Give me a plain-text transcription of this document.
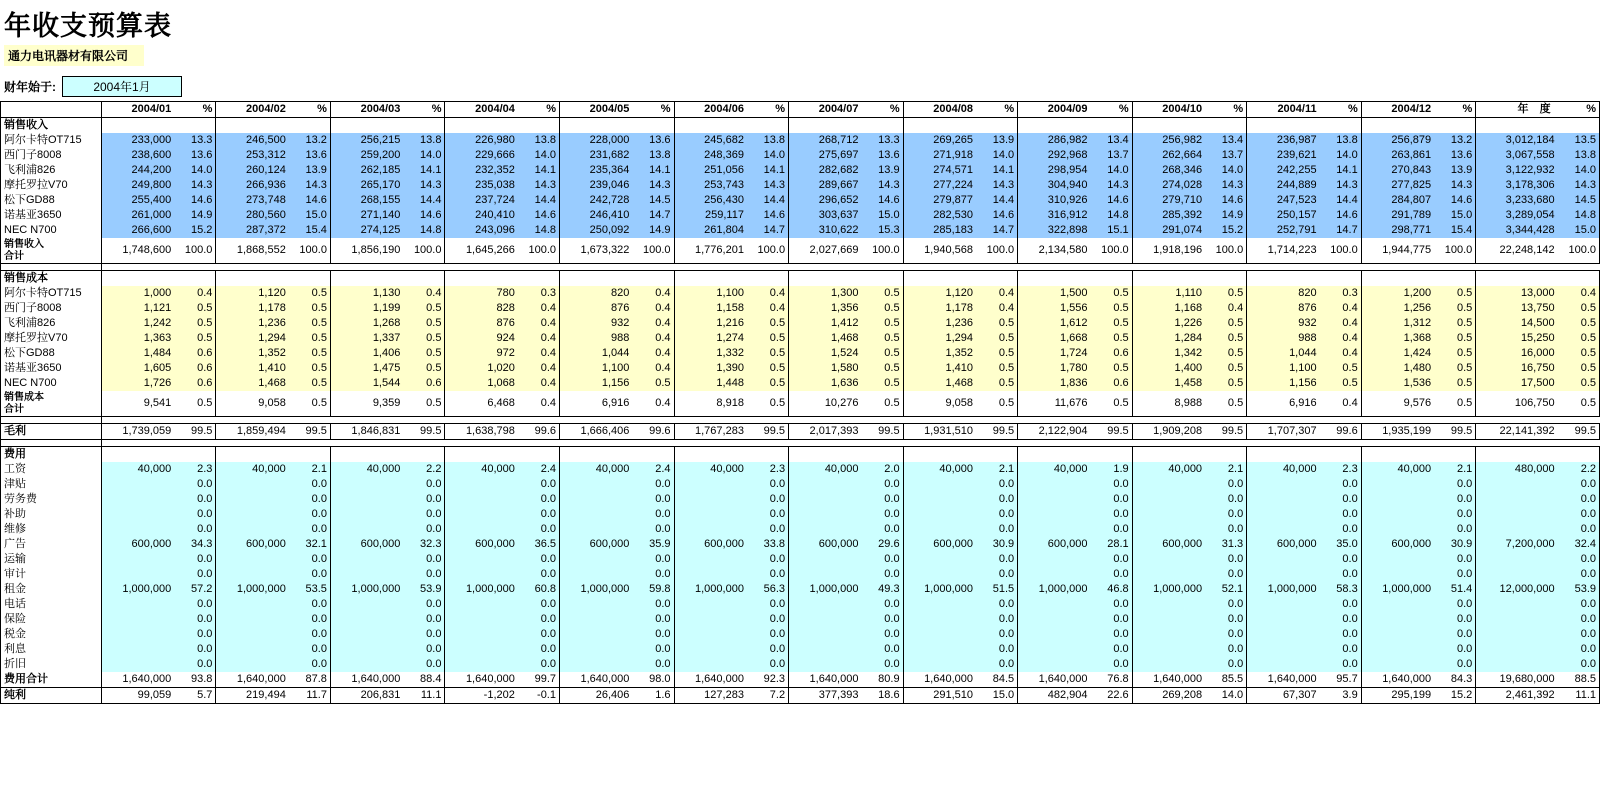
年收支预算表
通力电讯器材有限公司
财年始于:	2004年1月
	2004/01	%	2004/02	%	2004/03	%	2004/04	%	2004/05	%	2004/06	%	2004/07	%	2004/08	%	2004/09	%	2004/10	%	2004/11	%	2004/12	%	年 度	%
销售收入																										
阿尔卡特OT715	233,000	13.3	246,500	13.2	256,215	13.8	226,980	13.8	228,000	13.6	245,682	13.8	268,712	13.3	269,265	13.9	286,982	13.4	256,982	13.4	236,987	13.8	256,879	13.2	3,012,184	13.5
西门子8008	238,600	13.6	253,312	13.6	259,200	14.0	229,666	14.0	231,682	13.8	248,369	14.0	275,697	13.6	271,918	14.0	292,968	13.7	262,664	13.7	239,621	14.0	263,861	13.6	3,067,558	13.8
飞利浦826	244,200	14.0	260,124	13.9	262,185	14.1	232,352	14.1	235,364	14.1	251,056	14.1	282,682	13.9	274,571	14.1	298,954	14.0	268,346	14.0	242,255	14.1	270,843	13.9	3,122,932	14.0
摩托罗拉V70	249,800	14.3	266,936	14.3	265,170	14.3	235,038	14.3	239,046	14.3	253,743	14.3	289,667	14.3	277,224	14.3	304,940	14.3	274,028	14.3	244,889	14.3	277,825	14.3	3,178,306	14.3
松下GD88	255,400	14.6	273,748	14.6	268,155	14.4	237,724	14.4	242,728	14.5	256,430	14.4	296,652	14.6	279,877	14.4	310,926	14.6	279,710	14.6	247,523	14.4	284,807	14.6	3,233,680	14.5
诺基亚3650	261,000	14.9	280,560	15.0	271,140	14.6	240,410	14.6	246,410	14.7	259,117	14.6	303,637	15.0	282,530	14.6	316,912	14.8	285,392	14.9	250,157	14.6	291,789	15.0	3,289,054	14.8
NEC N700	266,600	15.2	287,372	15.4	274,125	14.8	243,096	14.8	250,092	14.9	261,804	14.7	310,622	15.3	285,183	14.7	322,898	15.1	291,074	15.2	252,791	14.7	298,771	15.4	3,344,428	15.0

销售收入
合计	1,748,600	100.0	1,868,552	100.0	1,856,190	100.0	1,645,266	100.0	1,673,322	100.0	1,776,201	100.0	2,027,669	100.0	1,940,568	100.0	2,134,580	100.0	1,918,196	100.0	1,714,223	100.0	1,944,775	100.0	22,248,142	100.0

销售成本																										
阿尔卡特OT715	1,000	0.4	1,120	0.5	1,130	0.4	780	0.3	820	0.4	1,100	0.4	1,300	0.5	1,120	0.4	1,500	0.5	1,110	0.5	820	0.3	1,200	0.5	13,000	0.4
西门子8008	1,121	0.5	1,178	0.5	1,199	0.5	828	0.4	876	0.4	1,158	0.4	1,356	0.5	1,178	0.4	1,556	0.5	1,168	0.4	876	0.4	1,256	0.5	13,750	0.5
飞利浦826	1,242	0.5	1,236	0.5	1,268	0.5	876	0.4	932	0.4	1,216	0.5	1,412	0.5	1,236	0.5	1,612	0.5	1,226	0.5	932	0.4	1,312	0.5	14,500	0.5
摩托罗拉V70	1,363	0.5	1,294	0.5	1,337	0.5	924	0.4	988	0.4	1,274	0.5	1,468	0.5	1,294	0.5	1,668	0.5	1,284	0.5	988	0.4	1,368	0.5	15,250	0.5
松下GD88	1,484	0.6	1,352	0.5	1,406	0.5	972	0.4	1,044	0.4	1,332	0.5	1,524	0.5	1,352	0.5	1,724	0.6	1,342	0.5	1,044	0.4	1,424	0.5	16,000	0.5
诺基亚3650	1,605	0.6	1,410	0.5	1,475	0.5	1,020	0.4	1,100	0.4	1,390	0.5	1,580	0.5	1,410	0.5	1,780	0.5	1,400	0.5	1,100	0.5	1,480	0.5	16,750	0.5
NEC N700	1,726	0.6	1,468	0.5	1,544	0.6	1,068	0.4	1,156	0.5	1,448	0.5	1,636	0.5	1,468	0.5	1,836	0.6	1,458	0.5	1,156	0.5	1,536	0.5	17,500	0.5

销售成本
合计	9,541	0.5	9,058	0.5	9,359	0.5	6,468	0.4	6,916	0.4	8,918	0.5	10,276	0.5	9,058	0.5	11,676	0.5	8,988	0.5	6,916	0.4	9,576	0.5	106,750	0.5

毛利	1,739,059	99.5	1,859,494	99.5	1,846,831	99.5	1,638,798	99.6	1,666,406	99.6	1,767,283	99.5	2,017,393	99.5	1,931,510	99.5	2,122,904	99.5	1,909,208	99.5	1,707,307	99.6	1,935,199	99.5	22,141,392	99.5

费用																										
工资	40,000	2.3	40,000	2.1	40,000	2.2	40,000	2.4	40,000	2.4	40,000	2.3	40,000	2.0	40,000	2.1	40,000	1.9	40,000	2.1	40,000	2.3	40,000	2.1	480,000	2.2
津贴		0.0		0.0		0.0		0.0		0.0		0.0		0.0		0.0		0.0		0.0		0.0		0.0		0.0
劳务费		0.0		0.0		0.0		0.0		0.0		0.0		0.0		0.0		0.0		0.0		0.0		0.0		0.0
补助		0.0		0.0		0.0		0.0		0.0		0.0		0.0		0.0		0.0		0.0		0.0		0.0		0.0
维修		0.0		0.0		0.0		0.0		0.0		0.0		0.0		0.0		0.0		0.0		0.0		0.0		0.0
广告	600,000	34.3	600,000	32.1	600,000	32.3	600,000	36.5	600,000	35.9	600,000	33.8	600,000	29.6	600,000	30.9	600,000	28.1	600,000	31.3	600,000	35.0	600,000	30.9	7,200,000	32.4
运输		0.0		0.0		0.0		0.0		0.0		0.0		0.0		0.0		0.0		0.0		0.0		0.0		0.0
审计		0.0		0.0		0.0		0.0		0.0		0.0		0.0		0.0		0.0		0.0		0.0		0.0		0.0
租金	1,000,000	57.2	1,000,000	53.5	1,000,000	53.9	1,000,000	60.8	1,000,000	59.8	1,000,000	56.3	1,000,000	49.3	1,000,000	51.5	1,000,000	46.8	1,000,000	52.1	1,000,000	58.3	1,000,000	51.4	12,000,000	53.9
电话		0.0		0.0		0.0		0.0		0.0		0.0		0.0		0.0		0.0		0.0		0.0		0.0		0.0
保险		0.0		0.0		0.0		0.0		0.0		0.0		0.0		0.0		0.0		0.0		0.0		0.0		0.0
税金		0.0		0.0		0.0		0.0		0.0		0.0		0.0		0.0		0.0		0.0		0.0		0.0		0.0
利息		0.0		0.0		0.0		0.0		0.0		0.0		0.0		0.0		0.0		0.0		0.0		0.0		0.0
折旧		0.0		0.0		0.0		0.0		0.0		0.0		0.0		0.0		0.0		0.0		0.0		0.0		0.0
费用合计	1,640,000	93.8	1,640,000	87.8	1,640,000	88.4	1,640,000	99.7	1,640,000	98.0	1,640,000	92.3	1,640,000	80.9	1,640,000	84.5	1,640,000	76.8	1,640,000	85.5	1,640,000	95.7	1,640,000	84.3	19,680,000	88.5
纯利	99,059	5.7	219,494	11.7	206,831	11.1	-1,202	-0.1	26,406	1.6	127,283	7.2	377,393	18.6	291,510	15.0	482,904	22.6	269,208	14.0	67,307	3.9	295,199	15.2	2,461,392	11.1
